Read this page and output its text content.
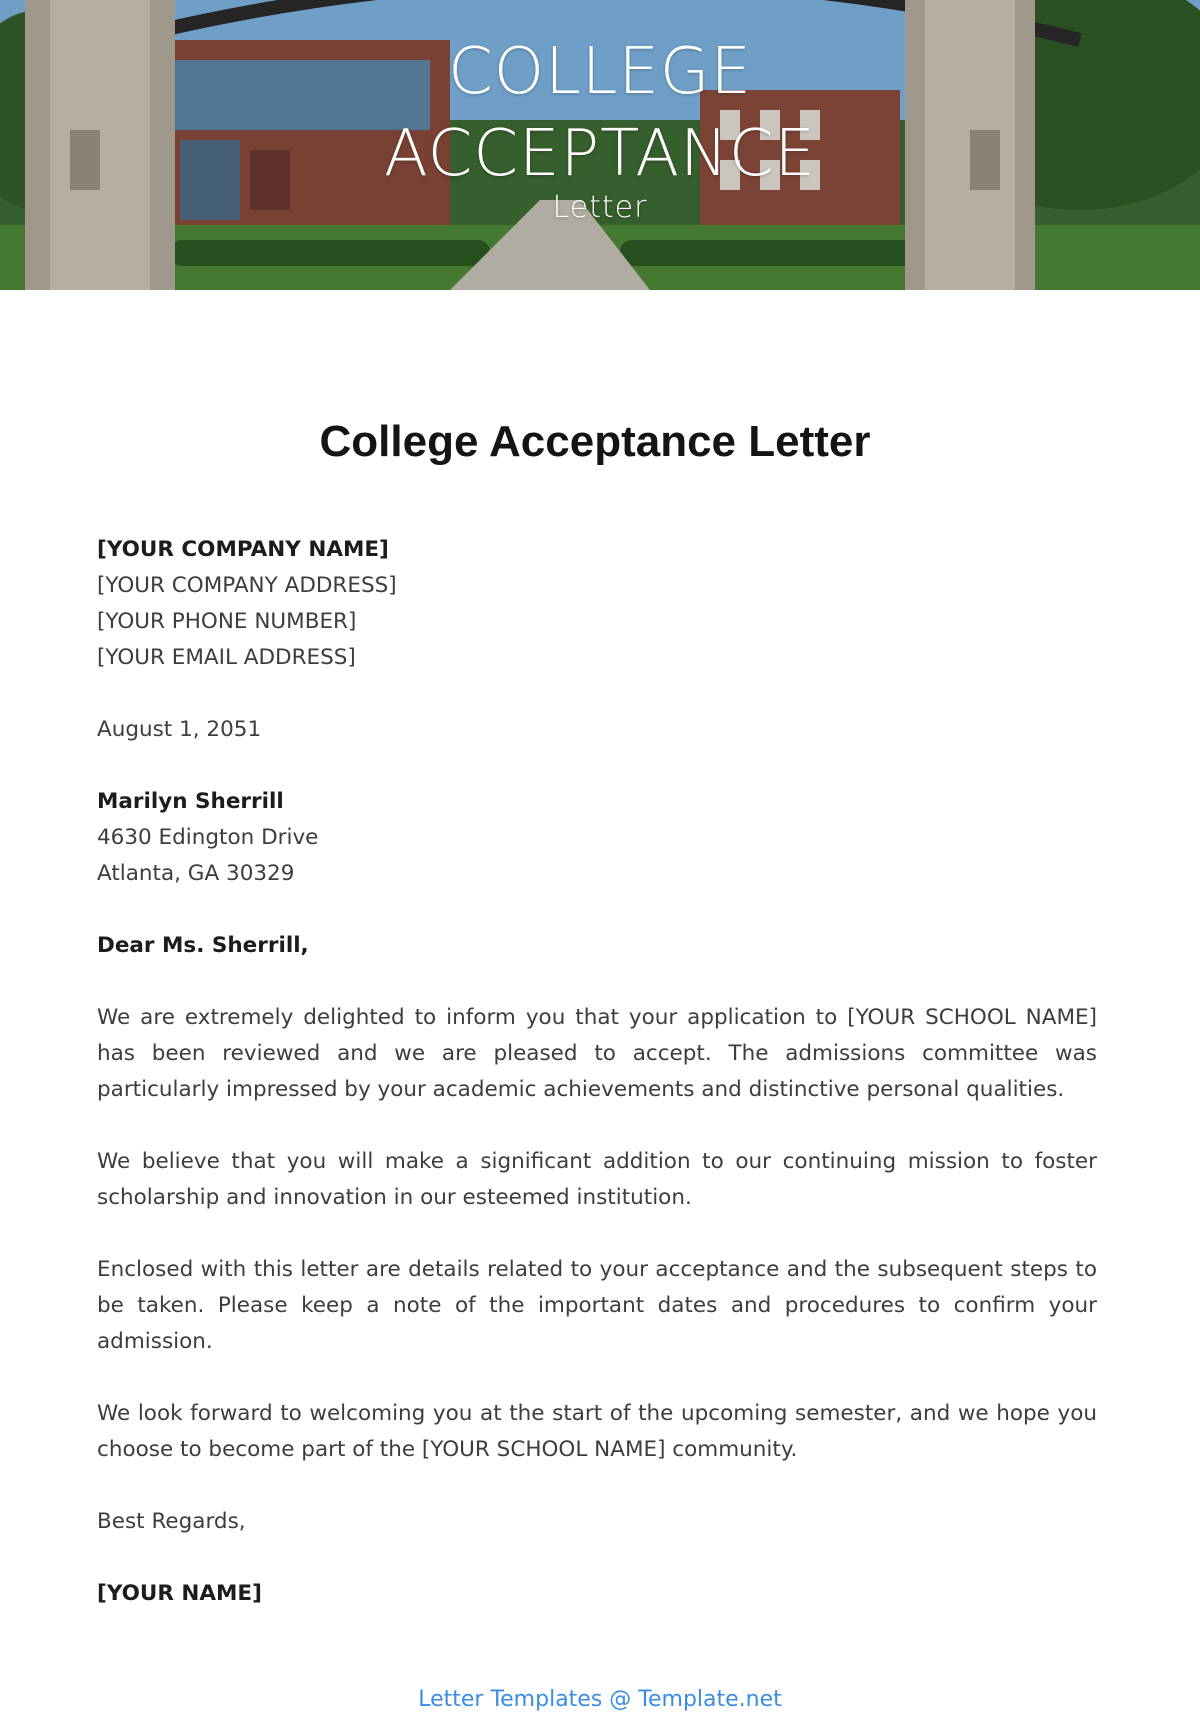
COLLEGE
ACCEPTANCE
Letter
College Acceptance Letter

[YOUR COMPANY NAME]

[YOUR COMPANY ADDRESS]

[YOUR PHONE NUMBER]

[YOUR EMAIL ADDRESS]

August 1, 2051

Marilyn Sherrill

4630 Edington Drive

Atlanta, GA 30329

Dear Ms. Sherrill,

We are extremely delighted to inform you that your application to [YOUR SCHOOL NAME] has been reviewed and we are pleased to accept. The admissions committee was particularly impressed by your academic achievements and distinctive personal qualities.

We believe that you will make a significant addition to our continuing mission to foster scholarship and innovation in our esteemed institution.

Enclosed with this letter are details related to your acceptance and the subsequent steps to be taken. Please keep a note of the important dates and procedures to confirm your admission.

We look forward to welcoming you at the start of the upcoming semester, and we hope you choose to become part of the [YOUR SCHOOL NAME] community.

Best Regards,

[YOUR NAME]

Letter Templates @ Template.net
